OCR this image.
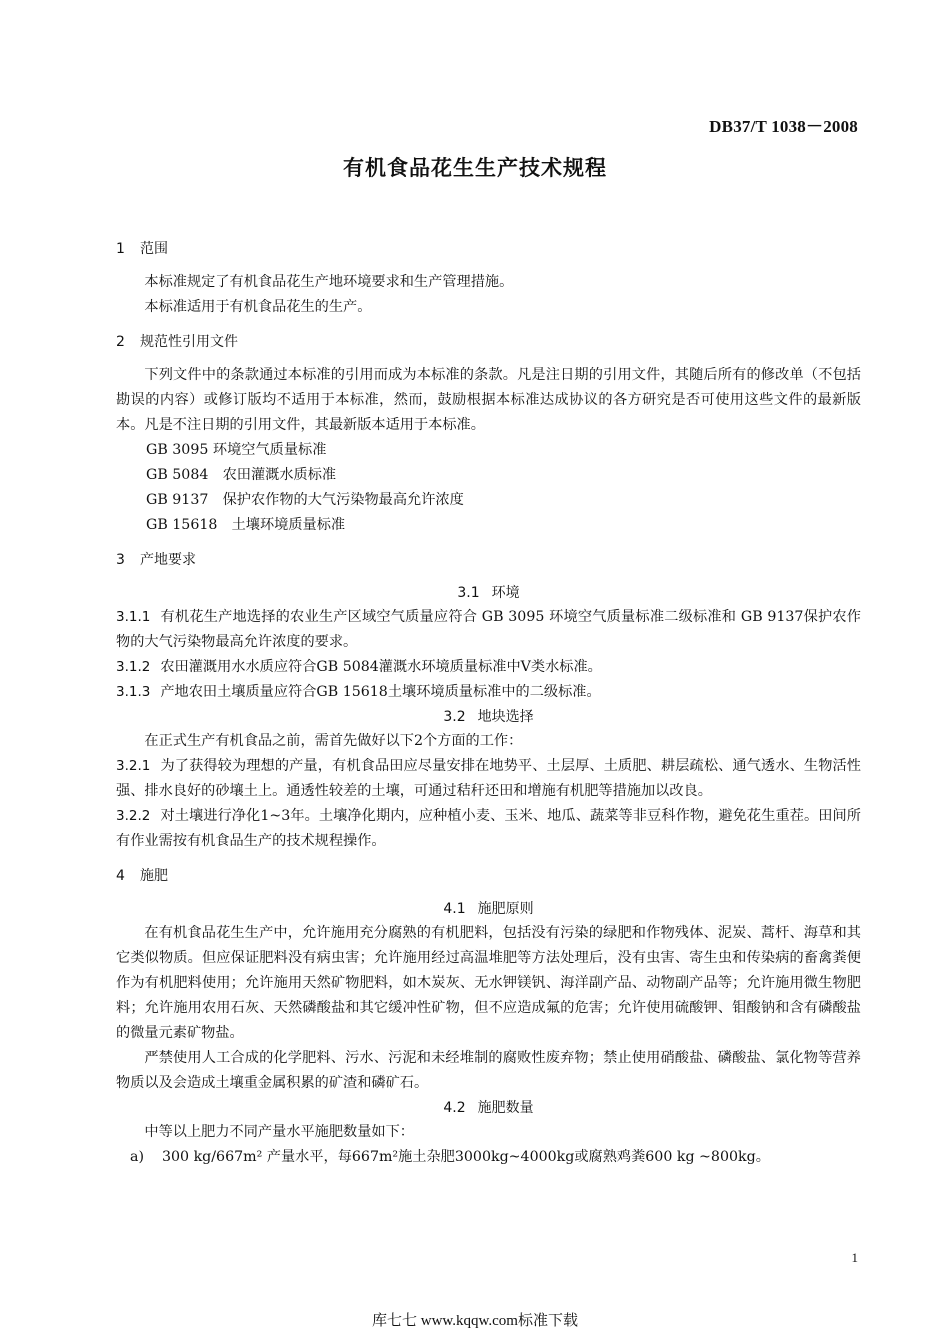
DB37/T 1038－2008
有机食品花生生产技术规程
1 范围

本标准规定了有机食品花生产地环境要求和生产管理措施。

本标准适用于有机食品花生的生产。

2 规范性引用文件

下列文件中的条款通过本标准的引用而成为本标准的条款。凡是注日期的引用文件，其随后所有的修改单（不包括勘误的内容）或修订版均不适用于本标准，然而，鼓励根据本标准达成协议的各方研究是否可使用这些文件的最新版本。凡是不注日期的引用文件，其最新版本适用于本标准。

GB 3095 环境空气质量标准

GB 5084　农田灌溉水质标准

GB 9137　保护农作物的大气污染物最高允许浓度

GB 15618　土壤环境质量标准

3 产地要求
3.1 环境

3.1.1 有机花生产地选择的农业生产区域空气质量应符合 GB 3095 环境空气质量标准二级标准和 GB 9137保护农作物的大气污染物最高允许浓度的要求。

3.1.2 农田灌溉用水水质应符合GB 5084灌溉水环境质量标准中Ⅴ类水标准。

3.1.3 产地农田土壤质量应符合GB 15618土壤环境质量标准中的二级标准。

3.2 地块选择

在正式生产有机食品之前，需首先做好以下2个方面的工作：

3.2.1 为了获得较为理想的产量，有机食品田应尽量安排在地势平、土层厚、土质肥、耕层疏松、通气透水、生物活性强、排水良好的砂壤土上。通透性较差的土壤，可通过秸秆还田和增施有机肥等措施加以改良。

3.2.2 对土壤进行净化1~3年。土壤净化期内，应种植小麦、玉米、地瓜、蔬菜等非豆科作物，避免花生重茬。田间所有作业需按有机食品生产的技术规程操作。

4 施肥
4.1 施肥原则

在有机食品花生生产中，允许施用充分腐熟的有机肥料，包括没有污染的绿肥和作物残体、泥炭、蒿杆、海草和其它类似物质。但应保证肥料没有病虫害；允许施用经过高温堆肥等方法处理后，没有虫害、寄生虫和传染病的畜禽粪便作为有机肥料使用；允许施用天然矿物肥料，如木炭灰、无水钾镁钒、海洋副产品、动物副产品等；允许施用微生物肥料；允许施用农用石灰、天然磷酸盐和其它缓冲性矿物，但不应造成氟的危害；允许使用硫酸钾、钼酸钠和含有磷酸盐的微量元素矿物盐。

严禁使用人工合成的化学肥料、污水、污泥和未经堆制的腐败性废弃物；禁止使用硝酸盐、磷酸盐、氯化物等营养物质以及会造成土壤重金属积累的矿渣和磷矿石。

4.2 施肥数量

中等以上肥力不同产量水平施肥数量如下：

a) 300 kg/667m² 产量水平，每667m²施土杂肥3000kg~4000kg或腐熟鸡粪600 kg ~800kg。

1
库七七 www.kqqw.com标准下载
